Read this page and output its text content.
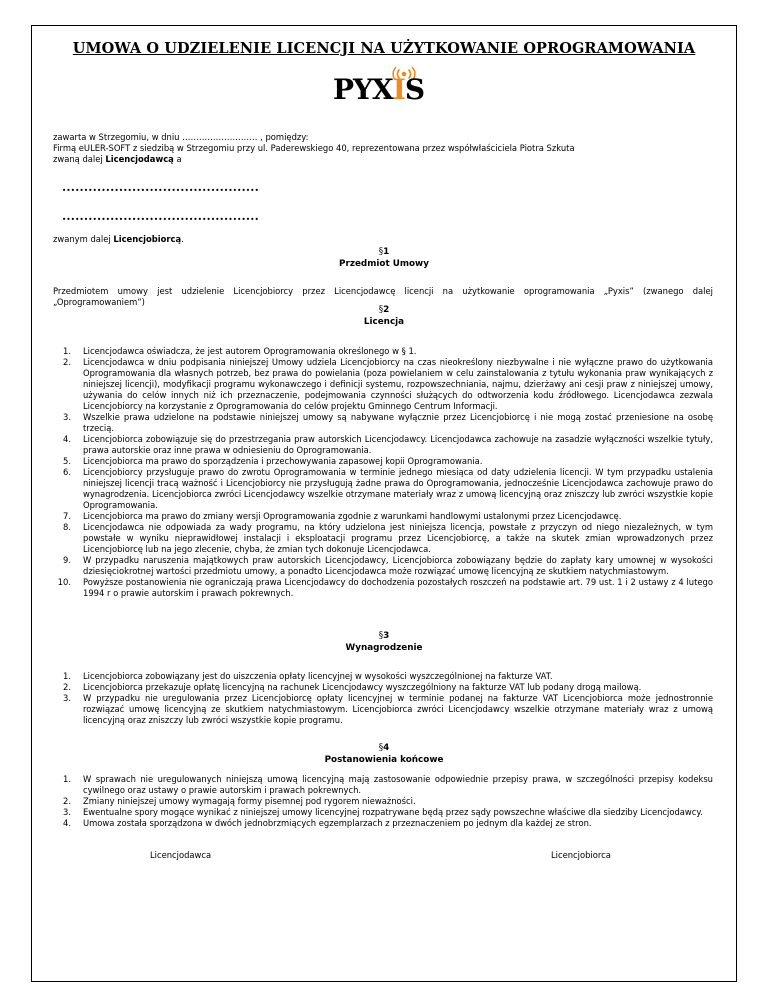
UMOWA O UDZIELENIE LICENCJI NA UŻYTKOWANIE OPROGRAMOWANIA
PYXIS

zawarta w Strzegomiu, w dniu ……………………… , pomiędzy:

Firmą eULER-SOFT z siedzibą w Strzegomiu przy ul. Paderewskiego 40, reprezentowana przez współwłaściciela Piotra Szkuta

zwaną dalej Licencjodawcą a

.............................................
.............................................
zwanym dalej Licencjobiorcą.
§1
Przedmiot Umowy
Przedmiotem umowy jest udzielenie Licencjobiorcy przez Licencjodawcę licencji na użytkowanie oprogramowania „Pyxis” (zwanego dalej „Oprogramowaniem”)
§2
Licencja
1. Licencjodawca oświadcza, że jest autorem Oprogramowania określonego w § 1.
2. Licencjodawca w dniu podpisania niniejszej Umowy udziela Licencjobiorcy na czas nieokreślony niezbywalne i nie wyłączne prawo do użytkowania Oprogramowania dla własnych potrzeb, bez prawa do powielania (poza powielaniem w celu zainstalowania z tytułu wykonania praw wynikających z niniejszej licencji), modyfikacji programu wykonawczego i definicji systemu, rozpowszechniania, najmu, dzierżawy ani cesji praw z niniejszej umowy, używania do celów innych niż ich przeznaczenie, podejmowania czynności służących do odtworzenia kodu źródłowego. Licencjodawca zezwala Licencjobiorcy na korzystanie z Oprogramowania do celów projektu Gminnego Centrum Informacji.
3. Wszelkie prawa udzielone na podstawie niniejszej umowy są nabywane wyłącznie przez Licencjobiorcę i nie mogą zostać przeniesione na osobę trzecią.
4. Licencjobiorca zobowiązuje się do przestrzegania praw autorskich Licencjodawcy. Licencjodawca zachowuje na zasadzie wyłączności wszelkie tytuły, prawa autorskie oraz inne prawa w odniesieniu do Oprogramowania.
5. Licencjobiorca ma prawo do sporządzenia i przechowywania zapasowej kopii Oprogramowania.
6. Licencjobiorcy przysługuje prawo do zwrotu Oprogramowania w terminie jednego miesiąca od daty udzielenia licencji. W tym przypadku ustalenia niniejszej licencji tracą ważność i Licencjobiorcy nie przysługują żadne prawa do Oprogramowania, jednocześnie Licencjodawca zachowuje prawo do wynagrodzenia. Licencjobiorca zwróci Licencjodawcy wszelkie otrzymane materiały wraz z umową licencyjną oraz zniszczy lub zwróci wszystkie kopie Oprogramowania.
7. Licencjobiorca ma prawo do zmiany wersji Oprogramowania zgodnie z warunkami handlowymi ustalonymi przez Licencjodawcę.
8. Licencjodawca nie odpowiada za wady programu, na który udzielona jest niniejsza licencja, powstałe z przyczyn od niego niezależnych, w tym powstałe w wyniku nieprawidłowej instalacji i eksploatacji programu przez Licencjobiorcę, a także na skutek zmian wprowadzonych przez Licencjobiorcę lub na jego zlecenie, chyba, że zmian tych dokonuje Licencjodawca.
9. W przypadku naruszenia majątkowych praw autorskich Licencjodawcy, Licencjobiorca zobowiązany będzie do zapłaty kary umownej w wysokości dziesięciokrotnej wartości przedmiotu umowy, a ponadto Licencjodawca może rozwiązać umowę licencyjną ze skutkiem natychmiastowym.
10. Powyższe postanowienia nie ograniczają prawa Licencjodawcy do dochodzenia pozostałych roszczeń na podstawie art. 79 ust. 1 i 2 ustawy z 4 lutego 1994 r o prawie autorskim i prawach pokrewnych.
§3
Wynagrodzenie
1. Licencjobiorca zobowiązany jest do uiszczenia opłaty licencyjnej w wysokości wyszczególnionej na fakturze VAT.
2. Licencjobiorca przekazuje opłatę licencyjną na rachunek Licencjodawcy wyszczególniony na fakturze VAT lub podany drogą mailową.
3. W przypadku nie uregulowania przez Licencjobiorcę opłaty licencyjnej w terminie podanej na fakturze VAT Licencjobiorca może jednostronnie rozwiązać umowę licencyjną ze skutkiem natychmiastowym. Licencjobiorca zwróci Licencjodawcy wszelkie otrzymane materiały wraz z umową licencyjną oraz zniszczy lub zwróci wszystkie kopie programu.
§4
Postanowienia końcowe
1. W sprawach nie uregulowanych niniejszą umową licencyjną mają zastosowanie odpowiednie przepisy prawa, w szczególności przepisy kodeksu cywilnego oraz ustawy o prawie autorskim i prawach pokrewnych.
2. Zmiany niniejszej umowy wymagają formy pisemnej pod rygorem nieważności.
3. Ewentualne spory mogące wynikać z niniejszej umowy licencyjnej rozpatrywane będą przez sądy powszechne właściwe dla siedziby Licencjodawcy.
4. Umowa została sporządzona w dwóch jednobrzmiących egzemplarzach z przeznaczeniem po jednym dla każdej ze stron.
Licencjodawca	Licencjobiorca
